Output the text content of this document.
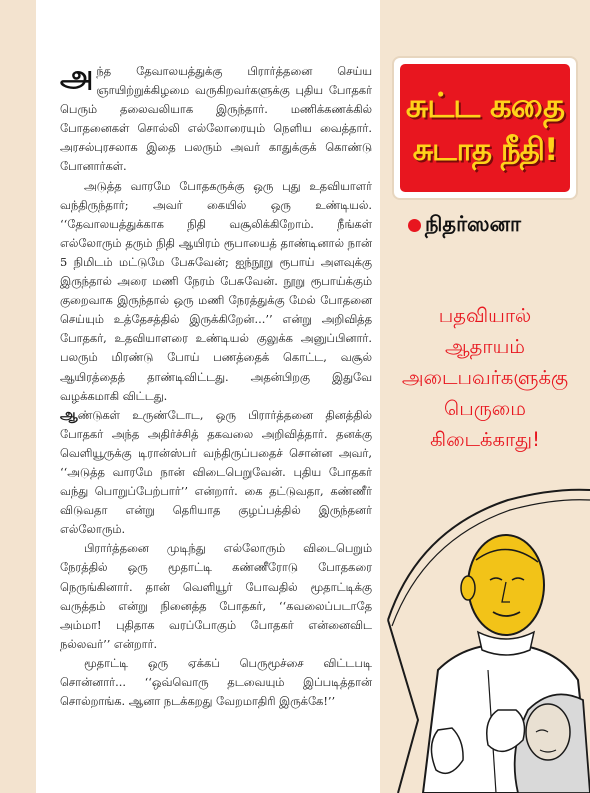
அந்த தேவாலயத்துக்கு பிரார்த்தனை செய்ய ஞாயிற்றுக்கிழமை வருகிறவர்களுக்கு புதிய போதகர் பெரும் தலைவலியாக இருந்தார். மணிக்கணக்கில் போதனைகள் சொல்லி எல்லோரையும் நெளிய வைத்தார். அரசல்புரசலாக இதை பலரும் அவர் காதுக்குக் கொண்டு போனார்கள்.

அடுத்த வாரமே போதகருக்கு ஒரு புது உதவியாளர் வந்திருந்தார்; அவர் கையில் ஒரு உண்டியல். ‘‘தேவாலயத்துக்காக நிதி வசூலிக்கிறோம். நீங்கள் எல்லோரும் தரும் நிதி ஆயிரம் ரூபாயைத் தாண்டினால் நான் 5 நிமிடம் மட்டுமே பேசுவேன்; ஐந்நூறு ரூபாய் அளவுக்கு இருந்தால் அரை மணி நேரம் பேசுவேன். நூறு ரூபாய்க்கும் குறைவாக இருந்தால் ஒரு மணி நேரத்துக்கு மேல் போதனை செய்யும் உத்தேசத்தில் இருக்கிறேன்...’’ என்று அறிவித்த போதகர், உதவியாளரை உண்டியல் குலுக்க அனுப்பினார். பலரும் மிரண்டு போய் பணத்தைக் கொட்ட, வசூல் ஆயிரத்தைத் தாண்டிவிட்டது. அதன்பிறகு இதுவே வழக்கமாகி விட்டது.

ஆண்டுகள் உருண்டோட, ஒரு பிரார்த்தனை தினத்தில் போதகர் அந்த அதிர்ச்சித் தகவலை அறிவித்தார். தனக்கு வெளியூருக்கு டிரான்ஸ்பர் வந்திருப்பதைச் சொன்ன அவர், ‘‘அடுத்த வாரமே நான் விடைபெறுவேன். புதிய போதகர் வந்து பொறுப்பேற்பார்’’ என்றார். கை தட்டுவதா, கண்ணீர் விடுவதா என்று தெரியாத குழப்பத்தில் இருந்தனர் எல்லோரும்.

பிரார்த்தனை முடிந்து எல்லோரும் விடைபெறும் நேரத்தில் ஒரு மூதாட்டி கண்ணீரோடு போதகரை நெருங்கினார். தான் வெளியூர் போவதில் மூதாட்டிக்கு வருத்தம் என்று நினைத்த போதகர், ‘‘கவலைப்படாதே அம்மா! புதிதாக வரப்போகும் போதகர் என்னைவிட நல்லவர்’’ என்றார்.

மூதாட்டி ஒரு ஏக்கப் பெருமூச்சை விட்டபடி சொன்னார்... ‘‘ஒவ்வொரு தடவையும் இப்படித்தான் சொல்றாங்க. ஆனா நடக்கறது வேறமாதிரி இருக்கே!’’

சுட்ட கதை
சுடாத நீதி!
நிதர்ஸனா
பதவியால்
ஆதாயம்
அடைபவர்களுக்கு
பெருமை
கிடைக்காது!
